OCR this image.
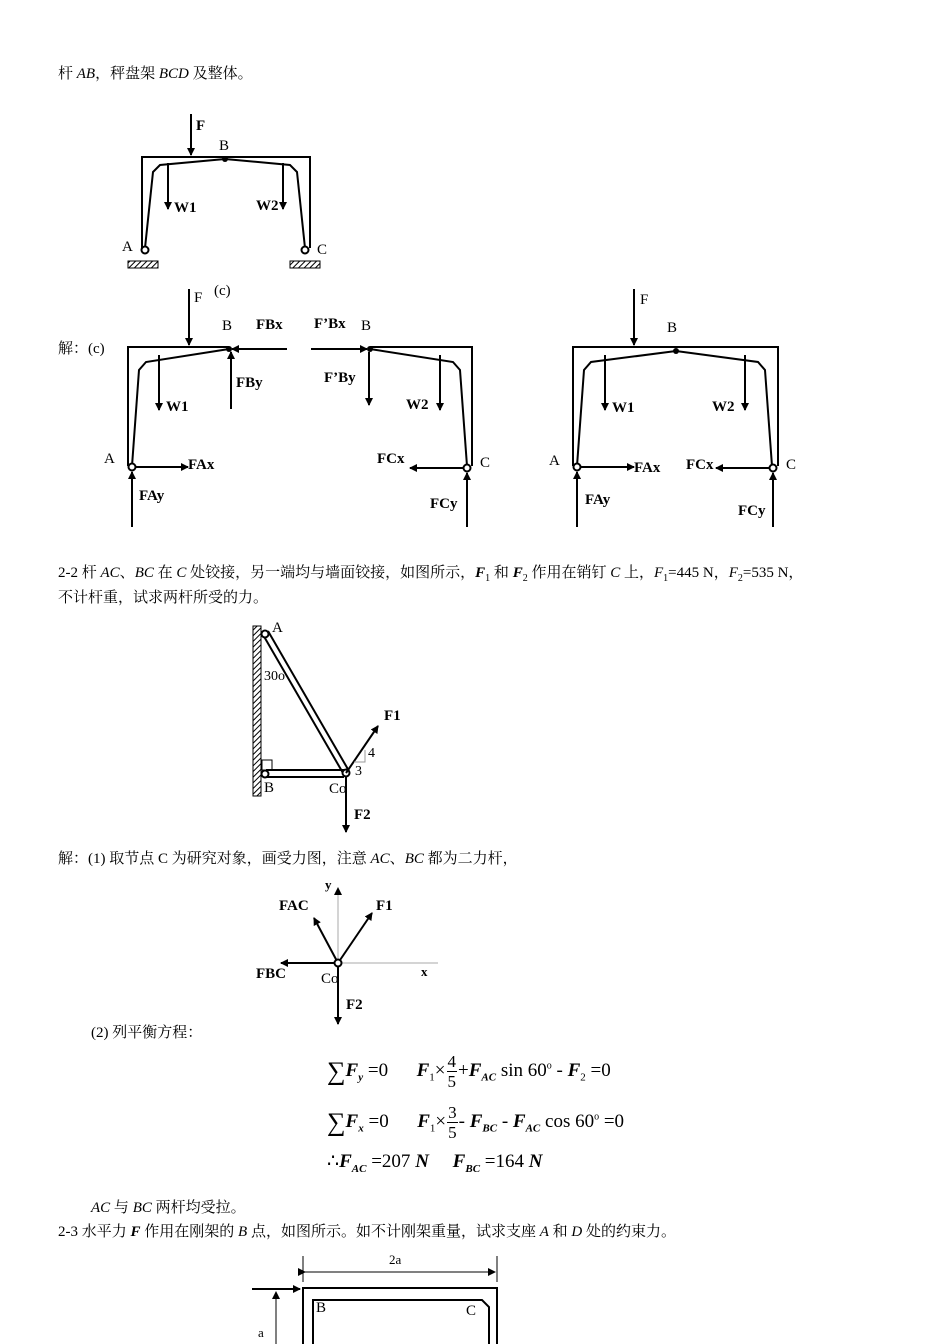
杆 AB，秤盘架 BCD 及整体。
F
B
W1	W2
A	C
(c)
F
B FBx
FBy
W1
A	FAx
FAy
F’Bx B
F’By
W2
FCx	C
FCy
F
B
W1	W2
A	FAx FCx	C
FAy
FCy
A
30o
F1
4
3
B	Co
F2
y
FAC	F1
FBC Co	x
F2
2a
a
B	C
解：(c)
2-2 杆 AC、BC 在 C 处铰接，另一端均与墙面铰接，如图所示，$F_1$ 和 $F_2$ 作用在销钉 C 上，$F_1=445$ N，$F_2=535$ N，
不计杆重，试求两杆所受的力。
解：(1) 取节点 C 为研究对象，画受力图，注意 AC、BC 都为二力杆，
(2) 列平衡方程：
$\sum F_y =0$      $F_1\times \frac{4}{5} +F_{AC}$ $\sin 60^o - F_2 =0$
$\sum F_x =0$      $F_1\times \frac{3}{5} - F_{BC} - F_{AC}$ $\cos 60^o =0$
$\therefore F_{AC} =207$ N $F_{BC} =164$ N
AC 与 BC 两杆均受拉。
2-3 水平力 F 作用在刚架的 B 点，如图所示。如不计刚架重量，试求支座 A 和 D 处的约束力。
